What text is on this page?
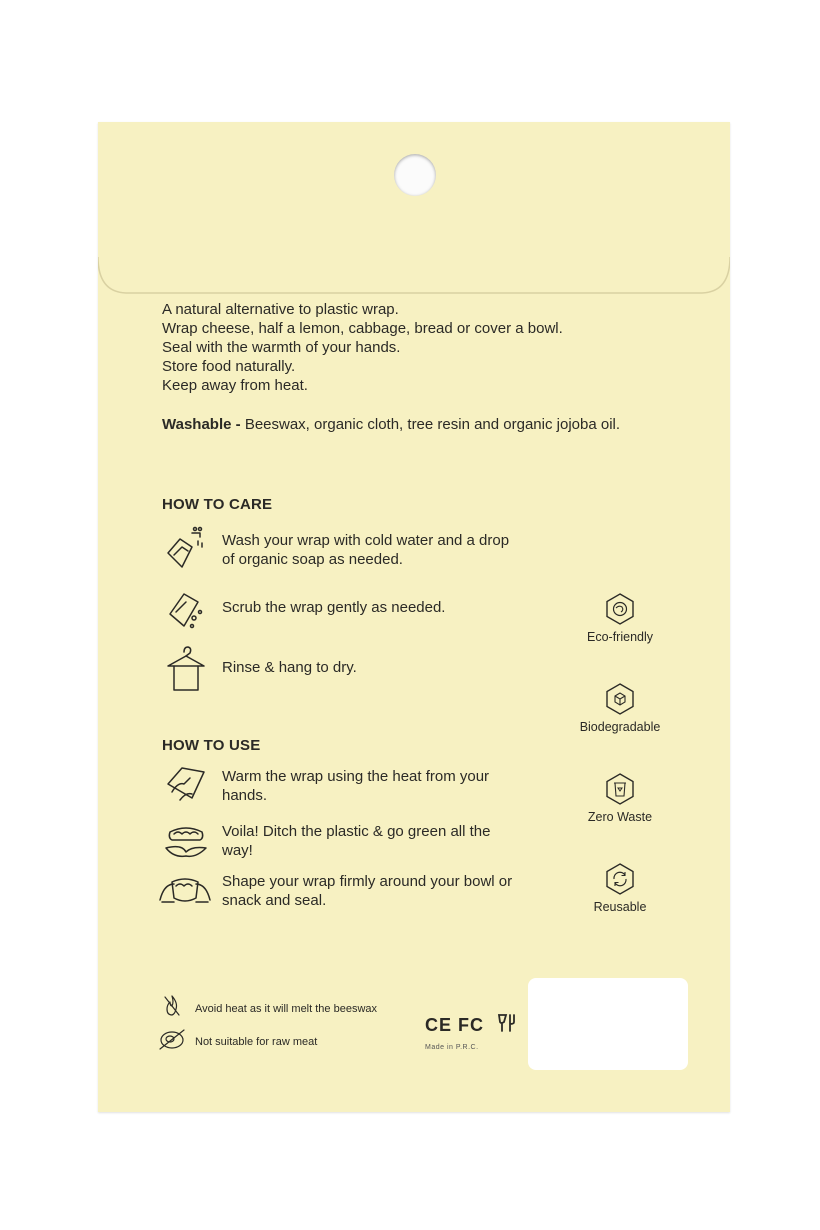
A natural alternative to plastic wrap.
Wrap cheese, half a lemon, cabbage, bread or cover a bowl.
Seal with the warmth of your hands.
Store food naturally.
Keep away from heat.
Washable - Beeswax, organic cloth, tree resin and organic jojoba oil.
HOW TO CARE
Wash your wrap with cold water and a drop of organic soap as needed.
Scrub the wrap gently as needed.
Rinse & hang to dry.
HOW TO USE
Warm the wrap using the heat from your hands.
Voila! Ditch the plastic & go green all the way!
Shape your wrap firmly around your bowl or snack and seal.
Eco-friendly
Biodegradable
Zero Waste
Reusable
Avoid heat as it will melt the beeswax
Not suitable for raw meat
CE FC
Made in P.R.C.
